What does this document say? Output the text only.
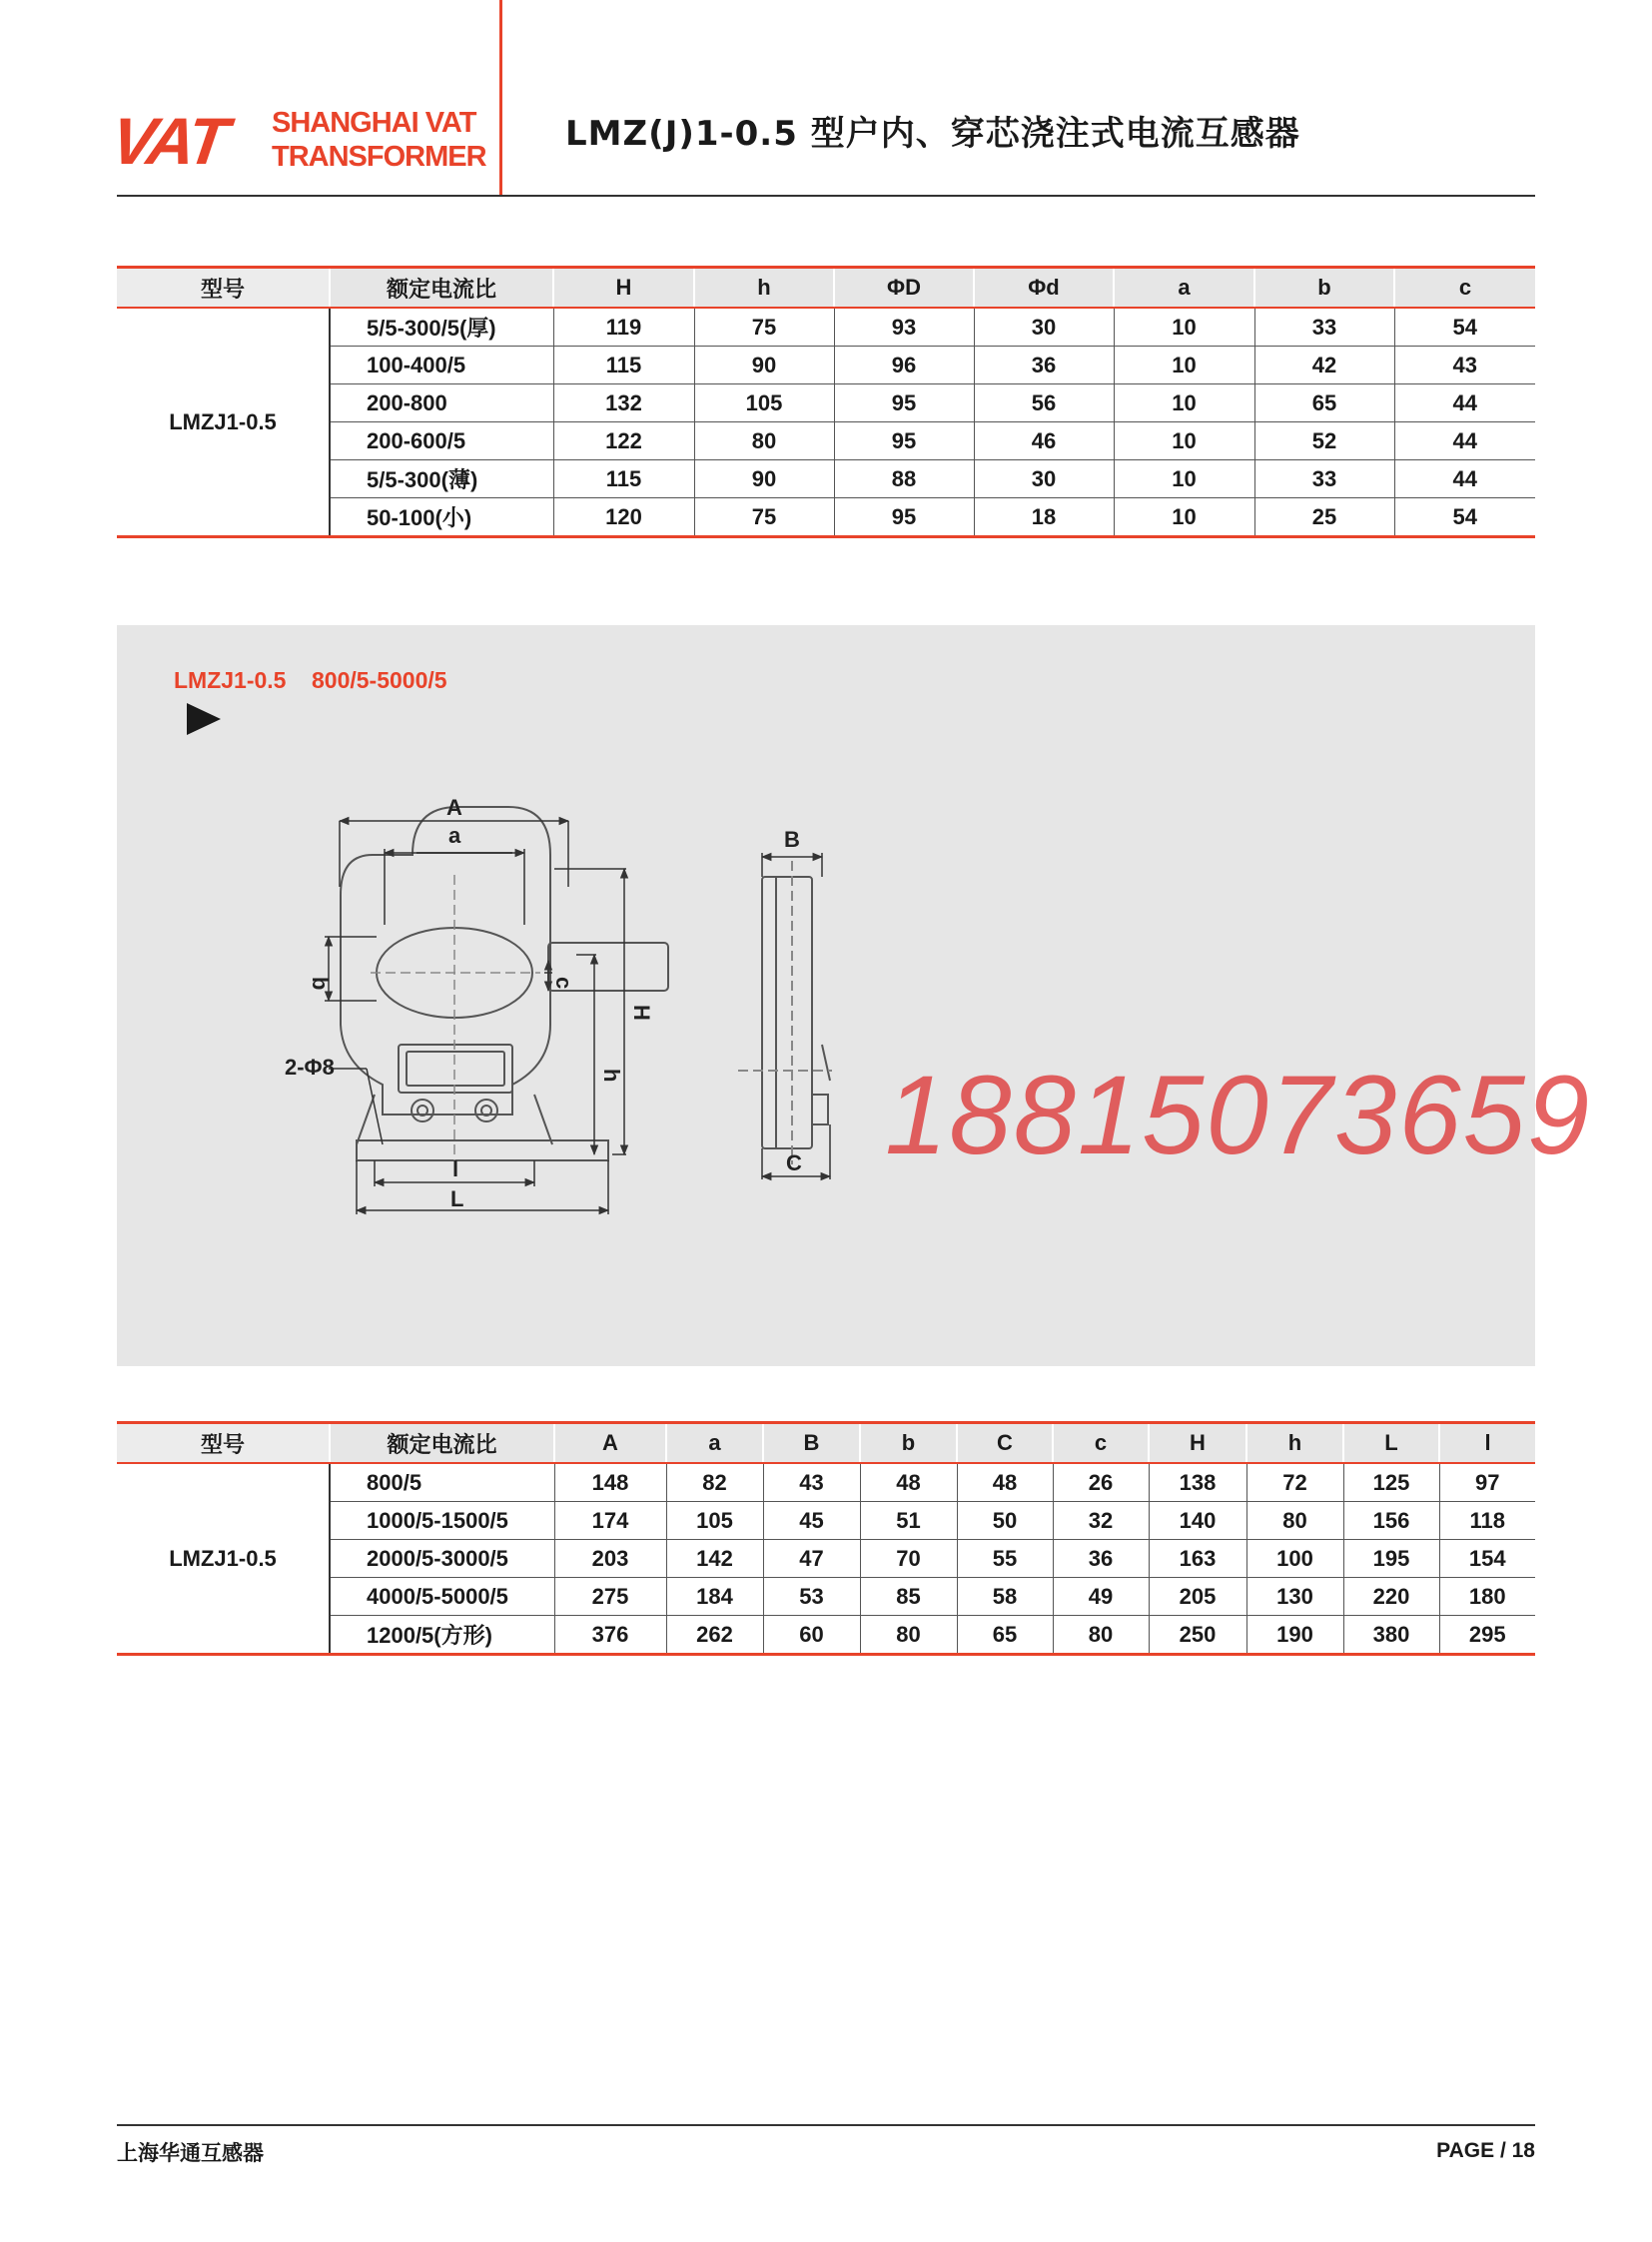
VAT SHANGHAI VAT
TRANSFORMER
LMZ(J)1-0.5 型户内、穿芯浇注式电流互感器
型号	额定电流比	H	h	ΦD	Φd	a	b	c
LMZJ1-0.5	5/5-300/5(厚)	119	75	93	30	10	33	54
	100-400/5	115	90	96	36	10	42	43
	200-800	132	105	95	56	10	65	44
	200-600/5	122	80	95	46	10	52	44
	5/5-300(薄)	115	90	88	30	10	33	44
	50-100(小)	120	75	95	18	10	25	54
LMZJ1-0.5 800/5-5000/5
A
a
H
h
c
b
2-Φ8
l
L
B
C 18815073659
型号	额定电流比	A	a	B	b	C	c	H	h	L	l
LMZJ1-0.5	800/5	148	82	43	48	48	26	138	72	125	97
	1000/5-1500/5	174	105	45	51	50	32	140	80	156	118
	2000/5-3000/5	203	142	47	70	55	36	163	100	195	154
	4000/5-5000/5	275	184	53	85	58	49	205	130	220	180
	1200/5(方形)	376	262	60	80	65	80	250	190	380	295
上海华通互感器	PAGE / 18
